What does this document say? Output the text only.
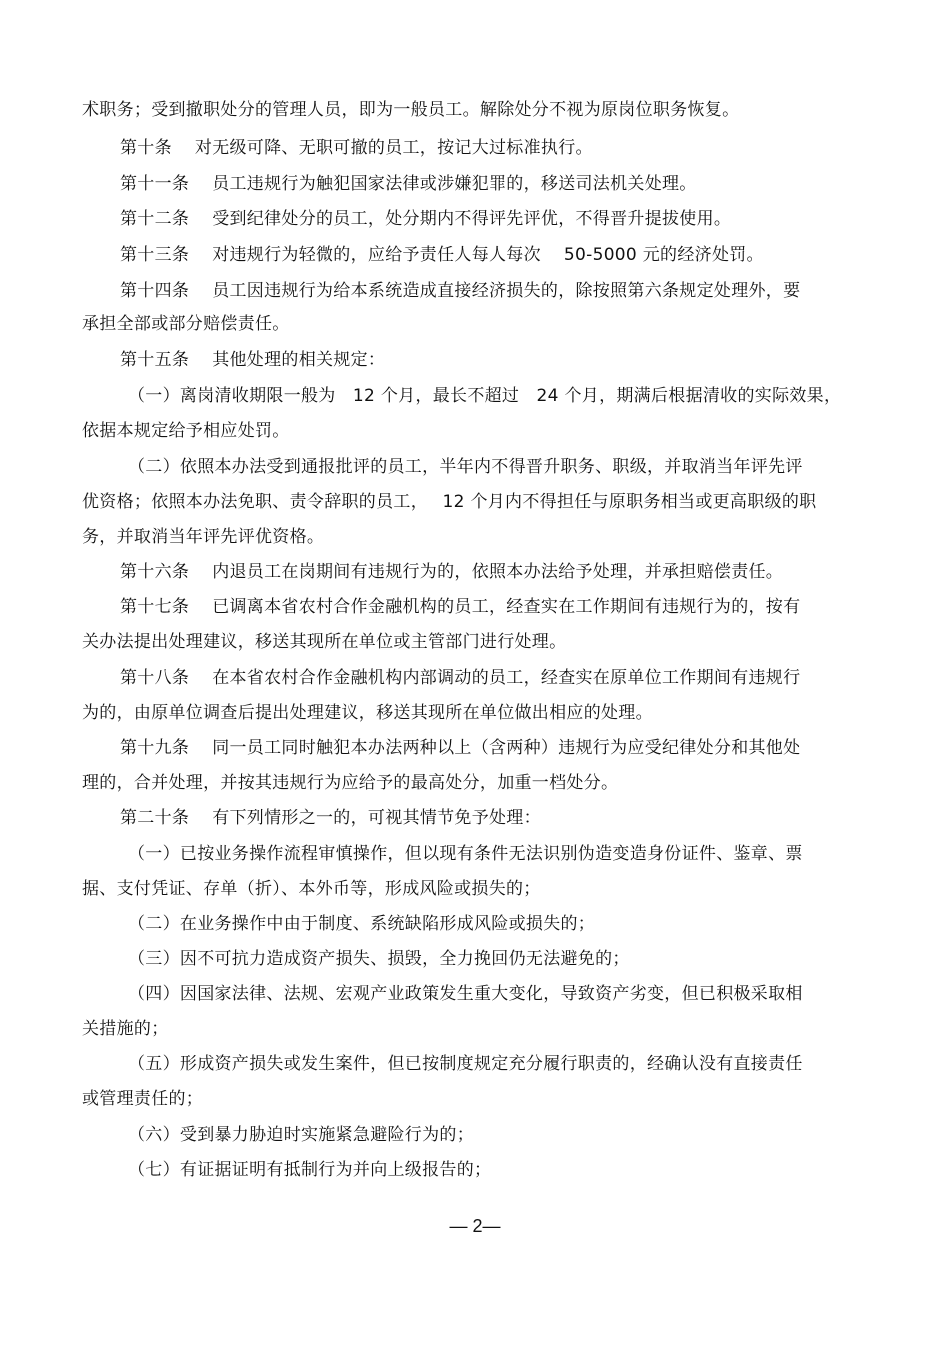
术职务；受到撤职处分的管理人员，即为一般员工。解除处分不视为原岗位职务恢复。
第十条　 对无级可降、无职可撤的员工，按记大过标准执行。
第十一条　 员工违规行为触犯国家法律或涉嫌犯罪的，移送司法机关处理。
第十二条　 受到纪律处分的员工，处分期内不得评先评优，不得晋升提拔使用。
第十三条　 对违规行为轻微的，应给予责任人每人每次　 50-5000 元的经济处罚。
第十四条　 员工因违规行为给本系统造成直接经济损失的，除按照第六条规定处理外，要
承担全部或部分赔偿责任。
第十五条　 其他处理的相关规定：
（一）离岗清收期限一般为　12 个月，最长不超过　24 个月，期满后根据清收的实际效果，
依据本规定给予相应处罚。
（二）依照本办法受到通报批评的员工，半年内不得晋升职务、职级，并取消当年评先评
优资格；依照本办法免职、责令辞职的员工，　 12 个月内不得担任与原职务相当或更高职级的职
务，并取消当年评先评优资格。
第十六条　 内退员工在岗期间有违规行为的，依照本办法给予处理，并承担赔偿责任。
第十七条　 已调离本省农村合作金融机构的员工，经查实在工作期间有违规行为的，按有
关办法提出处理建议，移送其现所在单位或主管部门进行处理。
第十八条　 在本省农村合作金融机构内部调动的员工，经查实在原单位工作期间有违规行
为的，由原单位调查后提出处理建议，移送其现所在单位做出相应的处理。
第十九条　 同一员工同时触犯本办法两种以上（含两种）违规行为应受纪律处分和其他处
理的，合并处理，并按其违规行为应给予的最高处分，加重一档处分。
第二十条　 有下列情形之一的，可视其情节免予处理：
（一）已按业务操作流程审慎操作，但以现有条件无法识别伪造变造身份证件、鉴章、票
据、支付凭证、存单（折）、本外币等，形成风险或损失的；
（二）在业务操作中由于制度、系统缺陷形成风险或损失的；
（三）因不可抗力造成资产损失、损毁，全力挽回仍无法避免的；
（四）因国家法律、法规、宏观产业政策发生重大变化，导致资产劣变，但已积极采取相
关措施的；
（五）形成资产损失或发生案件，但已按制度规定充分履行职责的，经确认没有直接责任
或管理责任的；
（六）受到暴力胁迫时实施紧急避险行为的；
（七）有证据证明有抵制行为并向上级报告的；
— 2—
